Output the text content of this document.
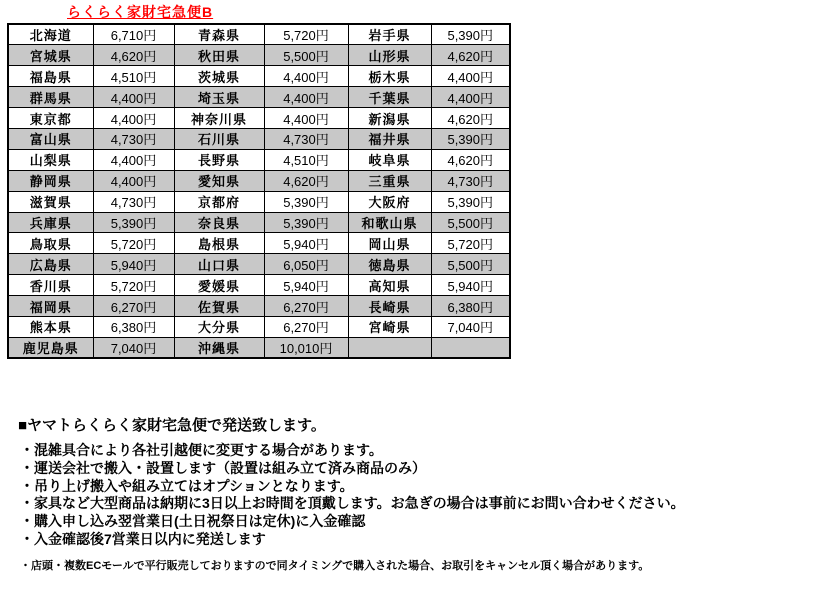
らくらく家財宅急便B
北海道	6,710円	青森県	5,720円	岩手県	5,390円
宮城県	4,620円	秋田県	5,500円	山形県	4,620円
福島県	4,510円	茨城県	4,400円	栃木県	4,400円
群馬県	4,400円	埼玉県	4,400円	千葉県	4,400円
東京都	4,400円	神奈川県	4,400円	新潟県	4,620円
富山県	4,730円	石川県	4,730円	福井県	5,390円
山梨県	4,400円	長野県	4,510円	岐阜県	4,620円
静岡県	4,400円	愛知県	4,620円	三重県	4,730円
滋賀県	4,730円	京都府	5,390円	大阪府	5,390円
兵庫県	5,390円	奈良県	5,390円	和歌山県	5,500円
鳥取県	5,720円	島根県	5,940円	岡山県	5,720円
広島県	5,940円	山口県	6,050円	徳島県	5,500円
香川県	5,720円	愛媛県	5,940円	高知県	5,940円
福岡県	6,270円	佐賀県	6,270円	長崎県	6,380円
熊本県	6,380円	大分県	6,270円	宮崎県	7,040円
鹿児島県	7,040円	沖縄県	10,010円		
■ヤマトらくらく家財宅急便で発送致します。
・混雑具合により各社引越便に変更する場合があります。
・運送会社で搬入・設置します（設置は組み立て済み商品のみ）
・吊り上げ搬入や組み立てはオプションとなります。
・家具など大型商品は納期に3日以上お時間を頂戴します。お急ぎの場合は事前にお問い合わせください。
・購入申し込み翌営業日(土日祝祭日は定休)に入金確認
・入金確認後7営業日以内に発送します
・店頭・複数ECモールで平行販売しておりますので同タイミングで購入された場合、お取引をキャンセル頂く場合があります。
